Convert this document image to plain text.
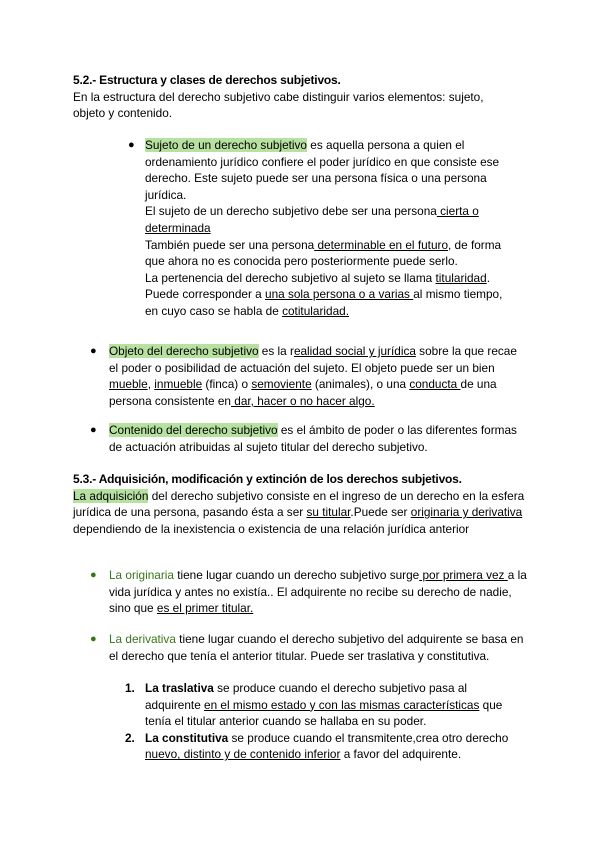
5.2.- Estructura y clases de derechos subjetivos.

En la estructura del derecho subjetivo cabe distinguir varios elementos: sujeto, objeto y contenido.

● Sujeto de un derecho subjetivo es aquella persona a quien el ordenamiento jurídico confiere el poder jurídico en que consiste ese derecho. Este sujeto puede ser una persona física o una persona jurídica.

El sujeto de un derecho subjetivo debe ser una persona cierta o determinada

También puede ser una persona determinable en el futuro, de forma que ahora no es conocida pero posteriormente puede serlo.

La pertenencia del derecho subjetivo al sujeto se llama titularidad.

Puede corresponder a una sola persona o a varias al mismo tiempo, en cuyo caso se habla de cotitularidad.

● Objeto del derecho subjetivo es la realidad social y jurídica sobre la que recae el poder o posibilidad de actuación del sujeto. El objeto puede ser un bien mueble, inmueble (finca) o semoviente (animales), o una conducta de una persona consistente en dar, hacer o no hacer algo.

● Contenido del derecho subjetivo es el ámbito de poder o las diferentes formas de actuación atribuidas al sujeto titular del derecho subjetivo.

5.3.- Adquisición, modificación y extinción de los derechos subjetivos.

La adquisición del derecho subjetivo consiste en el ingreso de un derecho en la esfera jurídica de una persona, pasando ésta a ser su titular.Puede ser originaria y derivativa dependiendo de la inexistencia o existencia de una relación jurídica anterior

● La originaria tiene lugar cuando un derecho subjetivo surge por primera vez a la vida jurídica y antes no existía.. El adquirente no recibe su derecho de nadie, sino que es el primer titular.

● La derivativa tiene lugar cuando el derecho subjetivo del adquirente se basa en el derecho que tenía el anterior titular. Puede ser traslativa y constitutiva.

1. La traslativa se produce cuando el derecho subjetivo pasa al adquirente en el mismo estado y con las mismas características que tenía el titular anterior cuando se hallaba en su poder.

2. La constitutiva se produce cuando el transmitente,crea otro derecho nuevo, distinto y de contenido inferior a favor del adquirente.
